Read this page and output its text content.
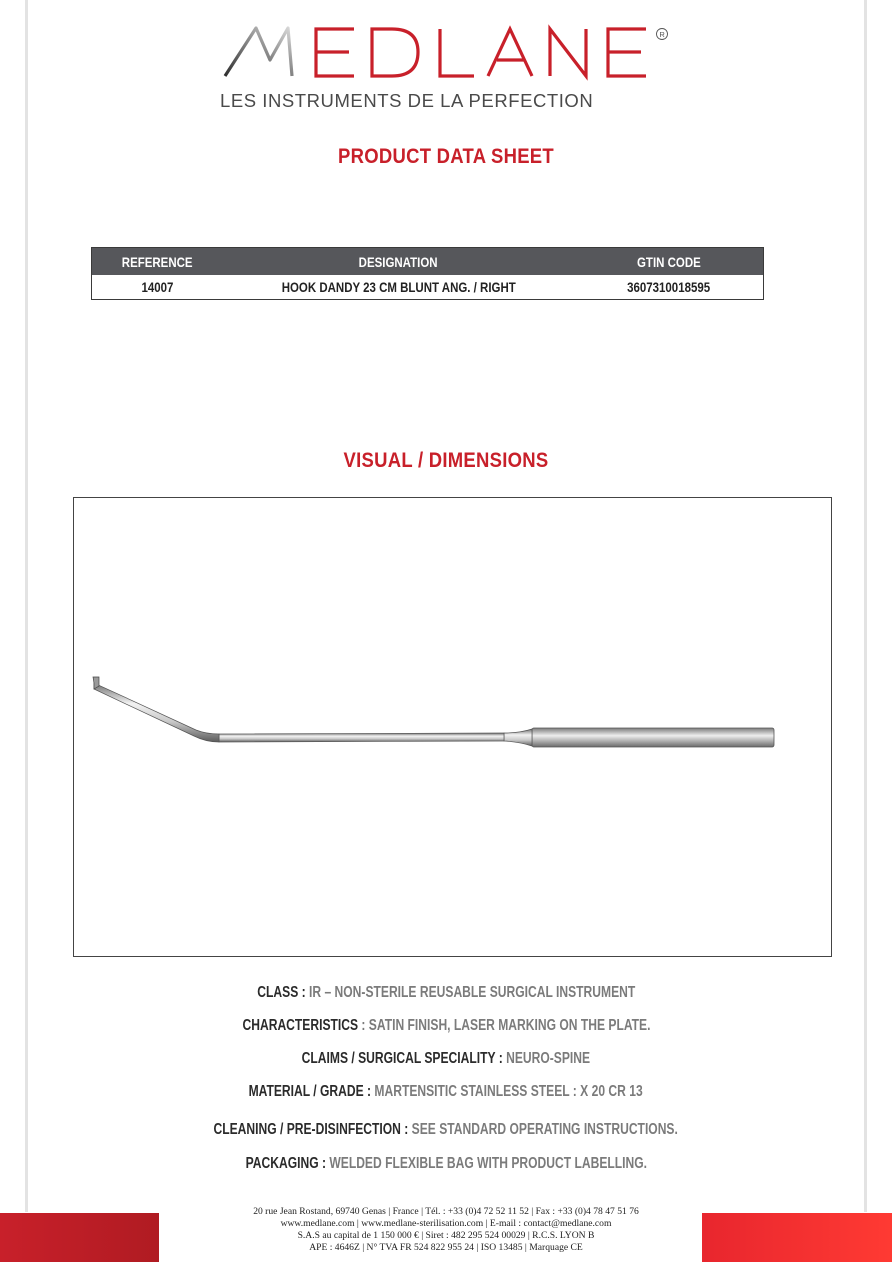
R
LES INSTRUMENTS DE LA PERFECTION
PRODUCT DATA SHEET
REFERENCE	DESIGNATION	GTIN CODE
14007	HOOK DANDY 23 CM BLUNT ANG. / RIGHT	3607310018595
VISUAL / DIMENSIONS
CLASS : IR – NON-STERILE REUSABLE SURGICAL INSTRUMENT
CHARACTERISTICS : SATIN FINISH, LASER MARKING ON THE PLATE.
CLAIMS / SURGICAL SPECIALITY : NEURO-SPINE
MATERIAL / GRADE : MARTENSITIC STAINLESS STEEL : X 20 CR 13
CLEANING / PRE-DISINFECTION : SEE STANDARD OPERATING INSTRUCTIONS.
PACKAGING : WELDED FLEXIBLE BAG WITH PRODUCT LABELLING.
20 rue Jean Rostand, 69740 Genas | France | Tél. : +33 (0)4 72 52 11 52 | Fax : +33 (0)4 78 47 51 76
www.medlane.com | www.medlane-sterilisation.com | E-mail : contact@medlane.com
S.A.S au capital de 1 150 000 € | Siret : 482 295 524 00029 | R.C.S. LYON B
APE : 4646Z | N° TVA FR 524 822 955 24 | ISO 13485 | Marquage CE
